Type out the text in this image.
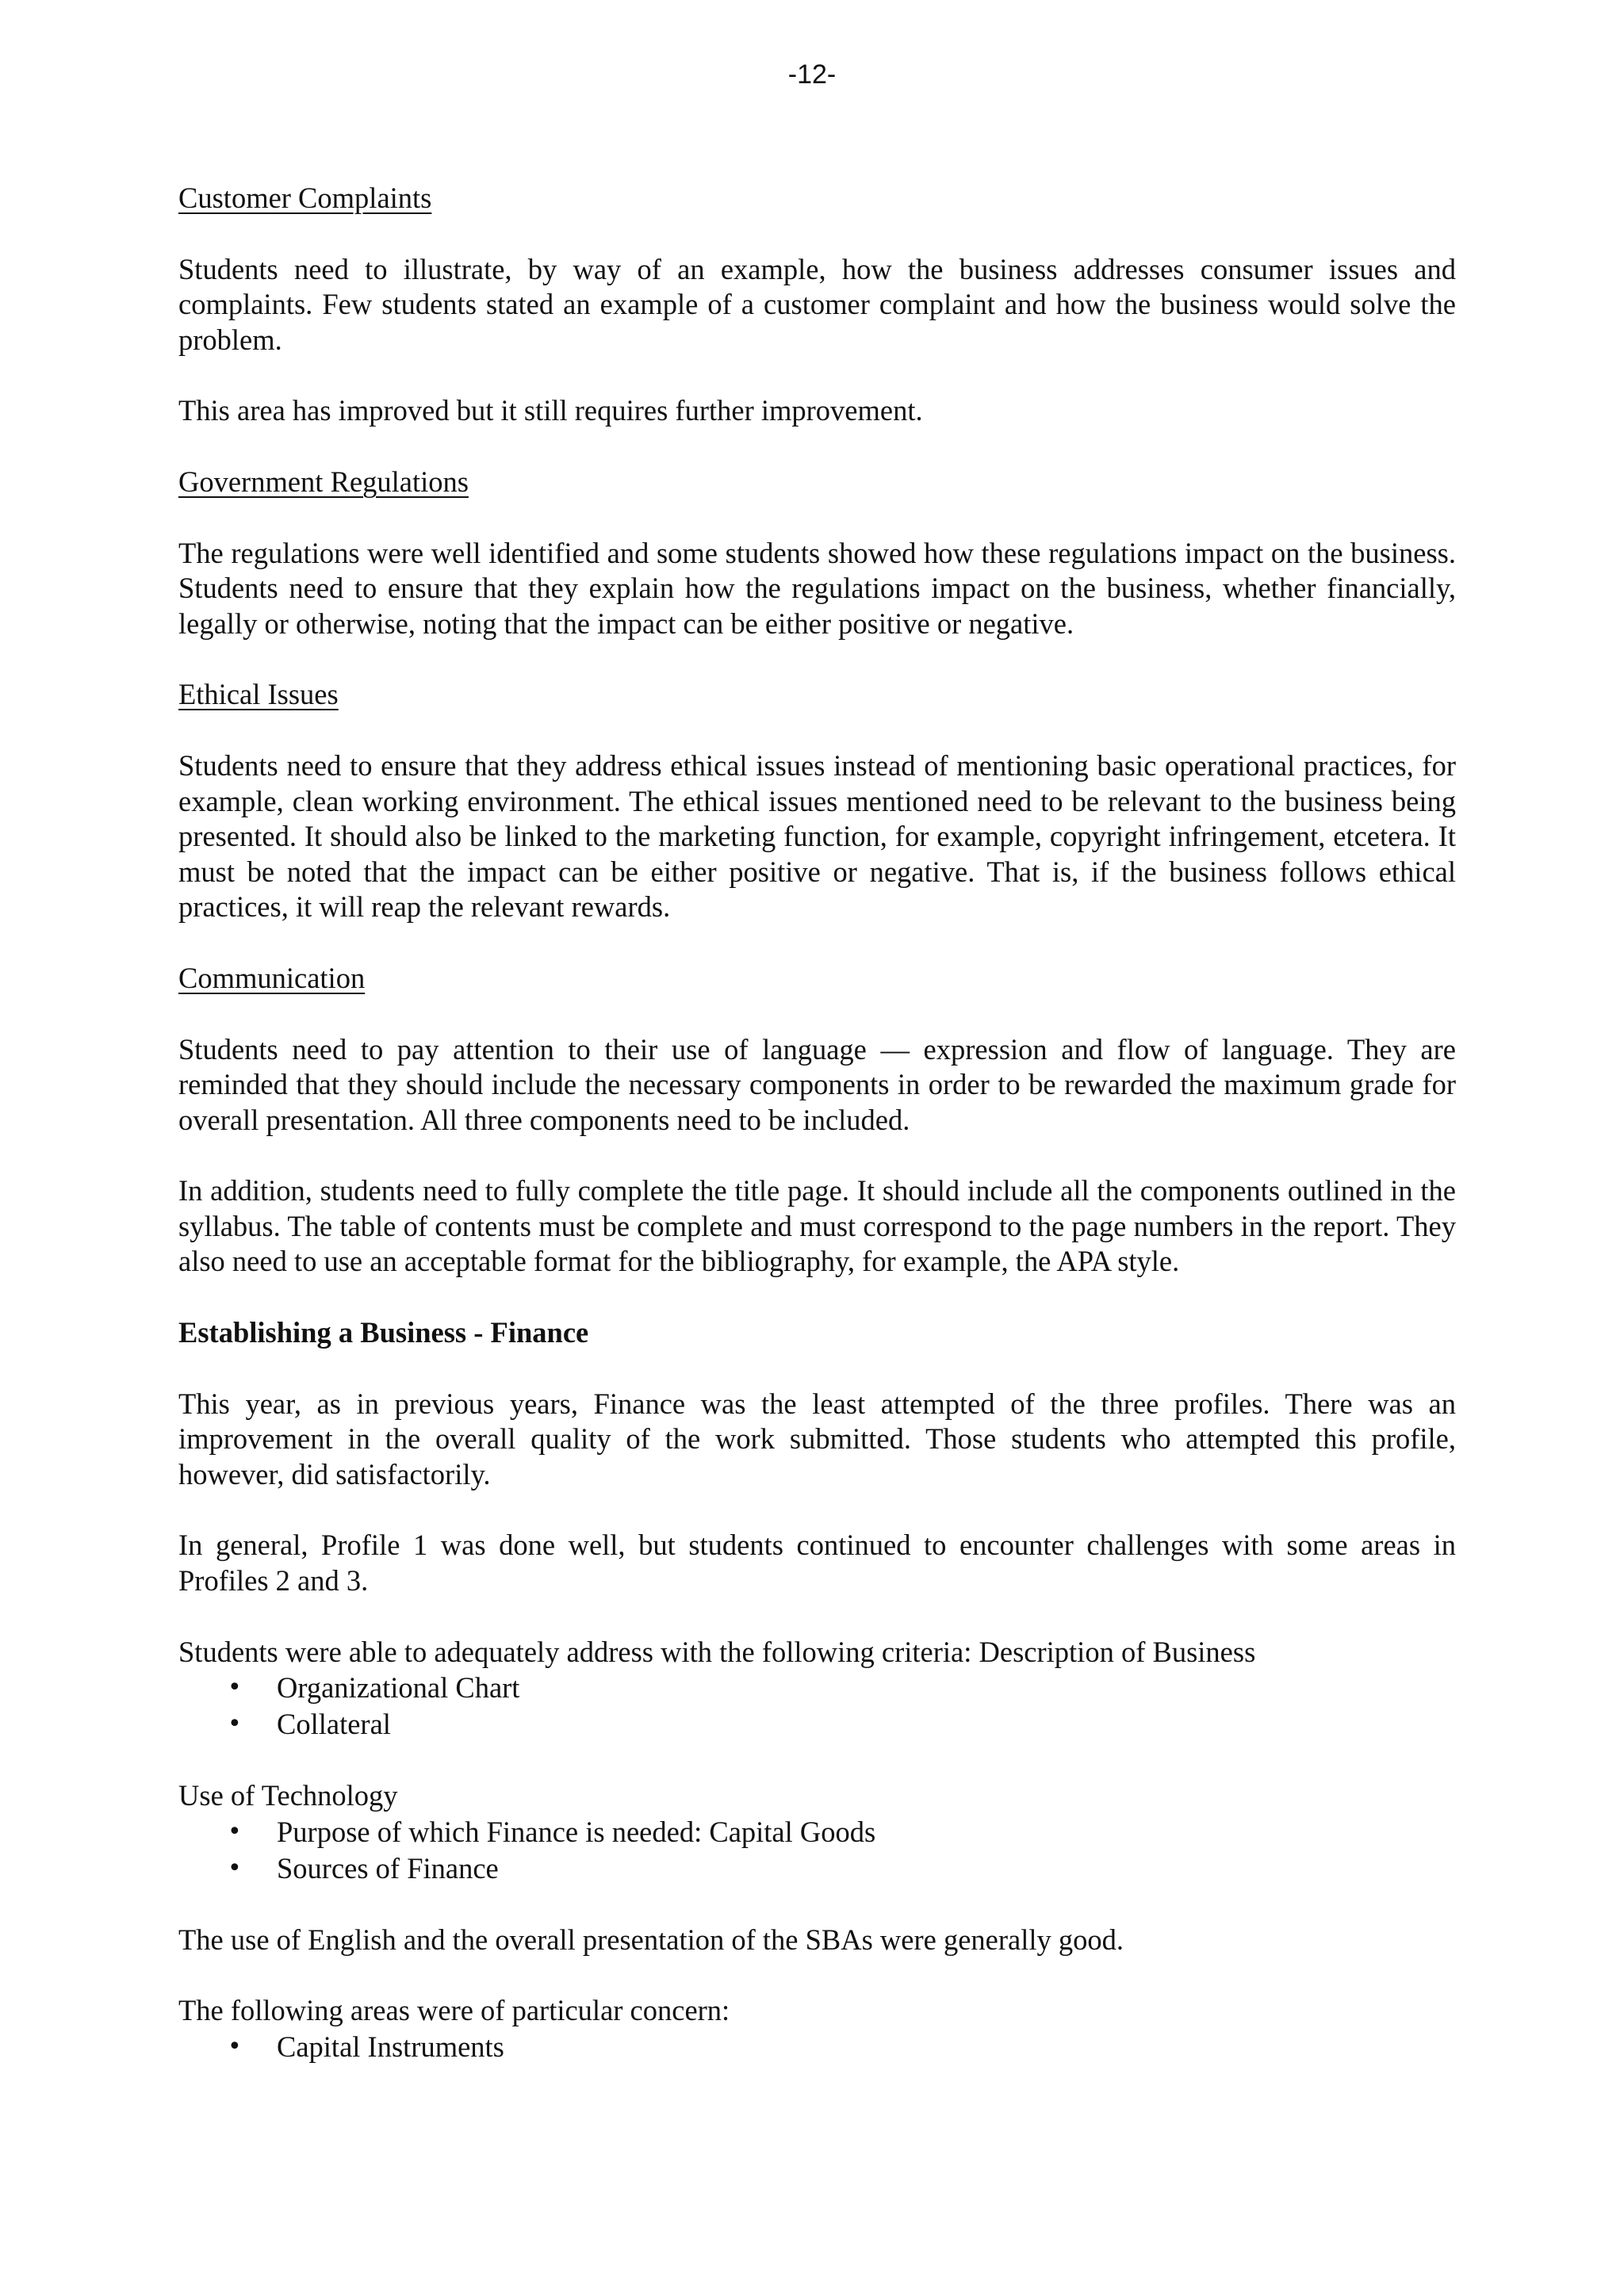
-12-

Customer Complaints

Students need to illustrate, by way of an example, how the business addresses consumer issues and complaints. Few students stated an example of a customer complaint and how the business would solve the problem.

This area has improved but it still requires further improvement.

Government Regulations

The regulations were well identified and some students showed how these regulations impact on the business. Students need to ensure that they explain how the regulations impact on the business, whether financially, legally or otherwise, noting that the impact can be either positive or negative.

Ethical Issues

Students need to ensure that they address ethical issues instead of mentioning basic operational practices, for example, clean working environment. The ethical issues mentioned need to be relevant to the business being presented. It should also be linked to the marketing function, for example, copyright infringement, etcetera. It must be noted that the impact can be either positive or negative. That is, if the business follows ethical practices, it will reap the relevant rewards.

Communication

Students need to pay attention to their use of language — expression and flow of language. They are reminded that they should include the necessary components in order to be rewarded the maximum grade for overall presentation. All three components need to be included.

In addition, students need to fully complete the title page. It should include all the components outlined in the syllabus. The table of contents must be complete and must correspond to the page numbers in the report. They also need to use an acceptable format for the bibliography, for example, the APA style.

Establishing a Business - Finance

This year, as in previous years, Finance was the least attempted of the three profiles. There was an improvement in the overall quality of the work submitted. Those students who attempted this profile, however, did satisfactorily.

In general, Profile 1 was done well, but students continued to encounter challenges with some areas in Profiles 2 and 3.

Students were able to adequately address with the following criteria: Description of Business

• Organizational Chart
• Collateral

Use of Technology

• Purpose of which Finance is needed: Capital Goods
• Sources of Finance

The use of English and the overall presentation of the SBAs were generally good.

The following areas were of particular concern:

• Capital Instruments
